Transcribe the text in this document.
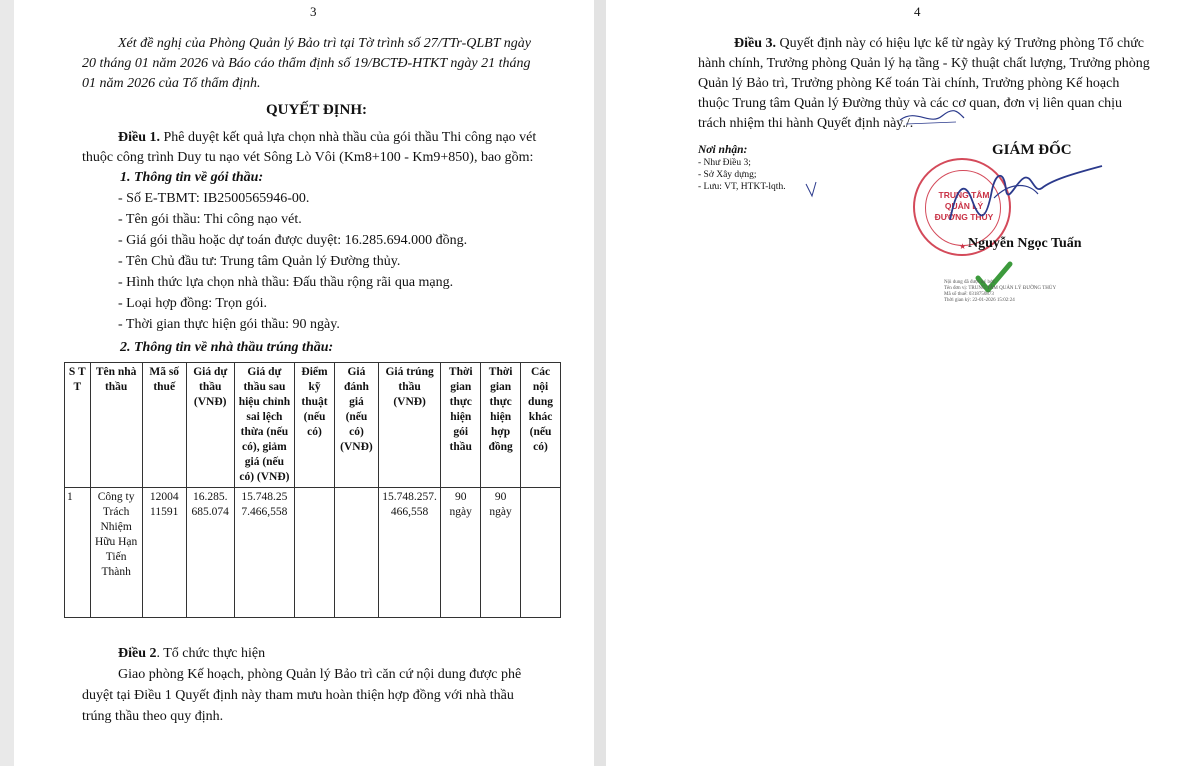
3
Xét đề nghị của Phòng Quản lý Bảo trì tại Tờ trình số 27/TTr-QLBT ngày
20 tháng 01 năm 2026 và Báo cáo thẩm định số 19/BCTĐ-HTKT ngày 21 tháng
01 năm 2026 của Tổ thẩm định.
QUYẾT ĐỊNH:
Điều 1. Phê duyệt kết quả lựa chọn nhà thầu của gói thầu Thi công nạo vét
thuộc công trình Duy tu nạo vét Sông Lò Vôi (Km8+100 - Km9+850), bao gồm:
1. Thông tin về gói thầu:
- Số E-TBMT: IB2500565946-00.
- Tên gói thầu: Thi công nạo vét.
- Giá gói thầu hoặc dự toán được duyệt: 16.285.694.000 đồng.
- Tên Chủ đầu tư: Trung tâm Quản lý Đường thủy.
- Hình thức lựa chọn nhà thầu: Đấu thầu rộng rãi qua mạng.
- Loại hợp đồng: Trọn gói.
- Thời gian thực hiện gói thầu: 90 ngày.
2. Thông tin về nhà thầu trúng thầu:
S T T	Tên nhà thầu	Mã số thuế	Giá dự thầu (VNĐ)	Giá dự thầu sau hiệu chỉnh sai lệch thừa (nếu có), giảm giá (nếu có) (VNĐ)	Điểm kỹ thuật (nếu có)	Giá đánh giá (nếu có) (VNĐ)	Giá trúng thầu (VNĐ)	Thời gian thực hiện gói thầu	Thời gian thực hiện hợp đồng	Các nội dung khác (nếu có)
1	Công ty Trách Nhiệm Hữu Hạn Tiến Thành	12004 11591	16.285. 685.074	15.748.25 7.466,558			15.748.257. 466,558	90 ngày	90 ngày	
Điều 2. Tổ chức thực hiện
Giao phòng Kế hoạch, phòng Quản lý Bảo trì căn cứ nội dung được phê
duyệt tại Điều 1 Quyết định này tham mưu hoàn thiện hợp đồng với nhà thầu
trúng thầu theo quy định.
4
Điều 3. Quyết định này có hiệu lực kể từ ngày ký Trưởng phòng Tổ chức
hành chính, Trưởng phòng Quản lý hạ tầng - Kỹ thuật chất lượng, Trưởng phòng
Quản lý Bảo trì, Trưởng phòng Kế toán Tài chính, Trưởng phòng Kế hoạch
thuộc Trung tâm Quản lý Đường thủy và các cơ quan, đơn vị liên quan chịu
trách nhiệm thi hành Quyết định này./.
Nơi nhận:
- Như Điều 3;
- Sở Xây dựng;
- Lưu: VT, HTKT-lqth.
GIÁM ĐỐC
TRUNG TÂM
QUẢN LÝ
ĐƯỜNG THỦY
★ Nguyễn Ngọc Tuấn
Nội dung đã được ký bởi:
Tên đơn vị: TRUNG TÂM QUẢN LÝ ĐƯỜNG THỦY
Mã số thuế: 0318750873
Thời gian ký: 22-01-2026 15:02:24
